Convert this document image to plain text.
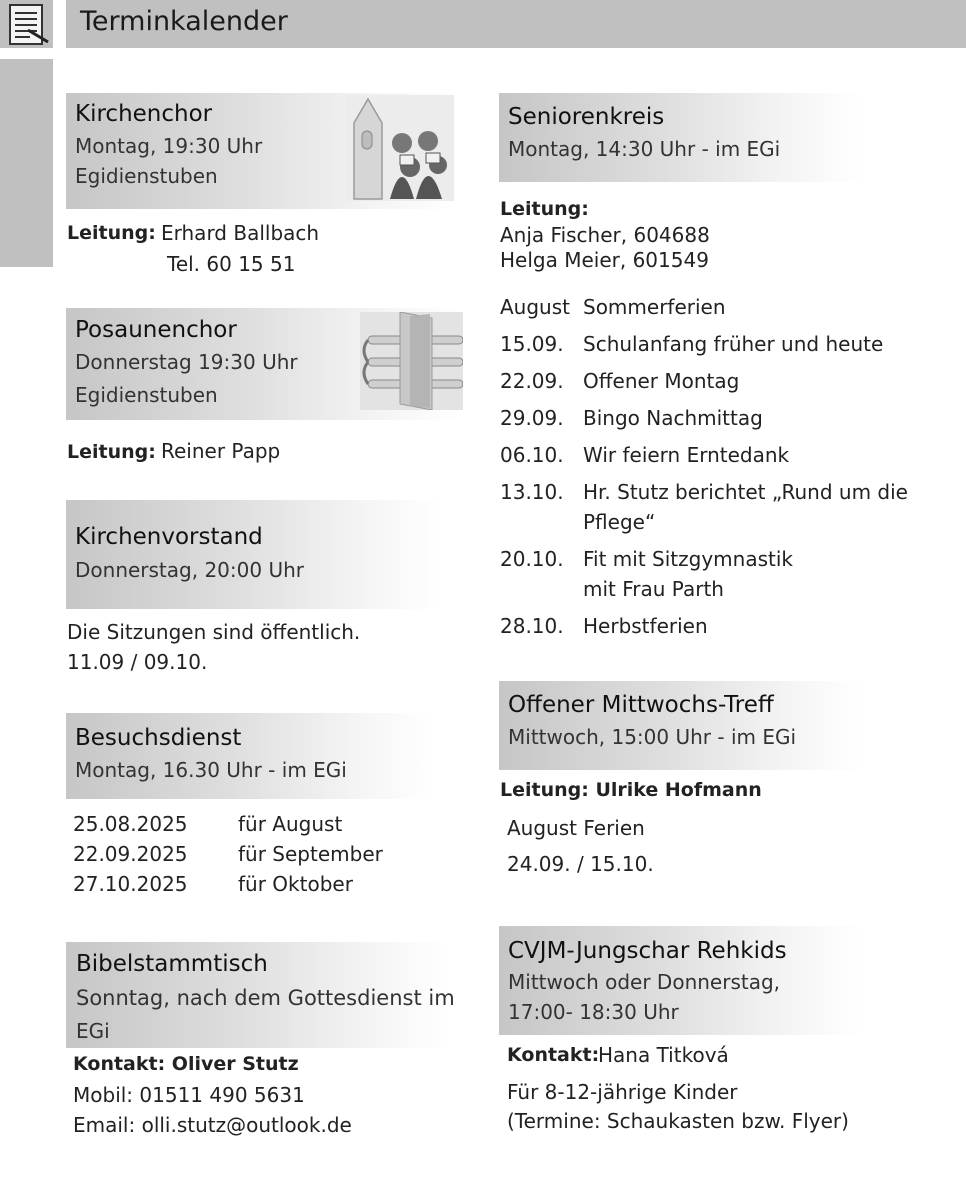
Terminkalender
Kirchenchor
Montag, 19:30 Uhr
Egidienstuben
Leitung: Erhard Ballbach
Tel. 60 15 51
Posaunenchor
Donnerstag 19:30 Uhr
Egidienstuben
Leitung: Reiner Papp
Kirchenvorstand
Donnerstag, 20:00 Uhr
Die Sitzungen sind öffentlich.
11.09 / 09.10.
Besuchsdienst
Montag, 16.30 Uhr - im EGi
25.08.2025	für August
22.09.2025	für September
27.10.2025	für Oktober
Bibelstammtisch
Sonntag, nach dem Gottesdienst im
EGi
Kontakt: Oliver Stutz
Mobil: 01511 490 5631
Email: olli.stutz@outlook.de
Seniorenkreis
Montag, 14:30 Uhr - im EGi
Leitung:
Anja Fischer, 604688
Helga Meier, 601549
August Sommerferien
15.09. Schulanfang früher und heute
22.09. Offener Montag
29.09. Bingo Nachmittag
06.10. Wir feiern Erntedank
13.10. Hr. Stutz berichtet „Rund um die
Pflege“
20.10. Fit mit Sitzgymnastik
mit Frau Parth
28.10. Herbstferien
Offener Mittwochs-Treff
Mittwoch, 15:00 Uhr - im EGi
Leitung: Ulrike Hofmann
August Ferien
24.09. / 15.10.
CVJM-Jungschar Rehkids
Mittwoch oder Donnerstag,
17:00- 18:30 Uhr
Kontakt:
Hana Titková
Für 8-12-jährige Kinder
(Termine: Schaukasten bzw. Flyer)
